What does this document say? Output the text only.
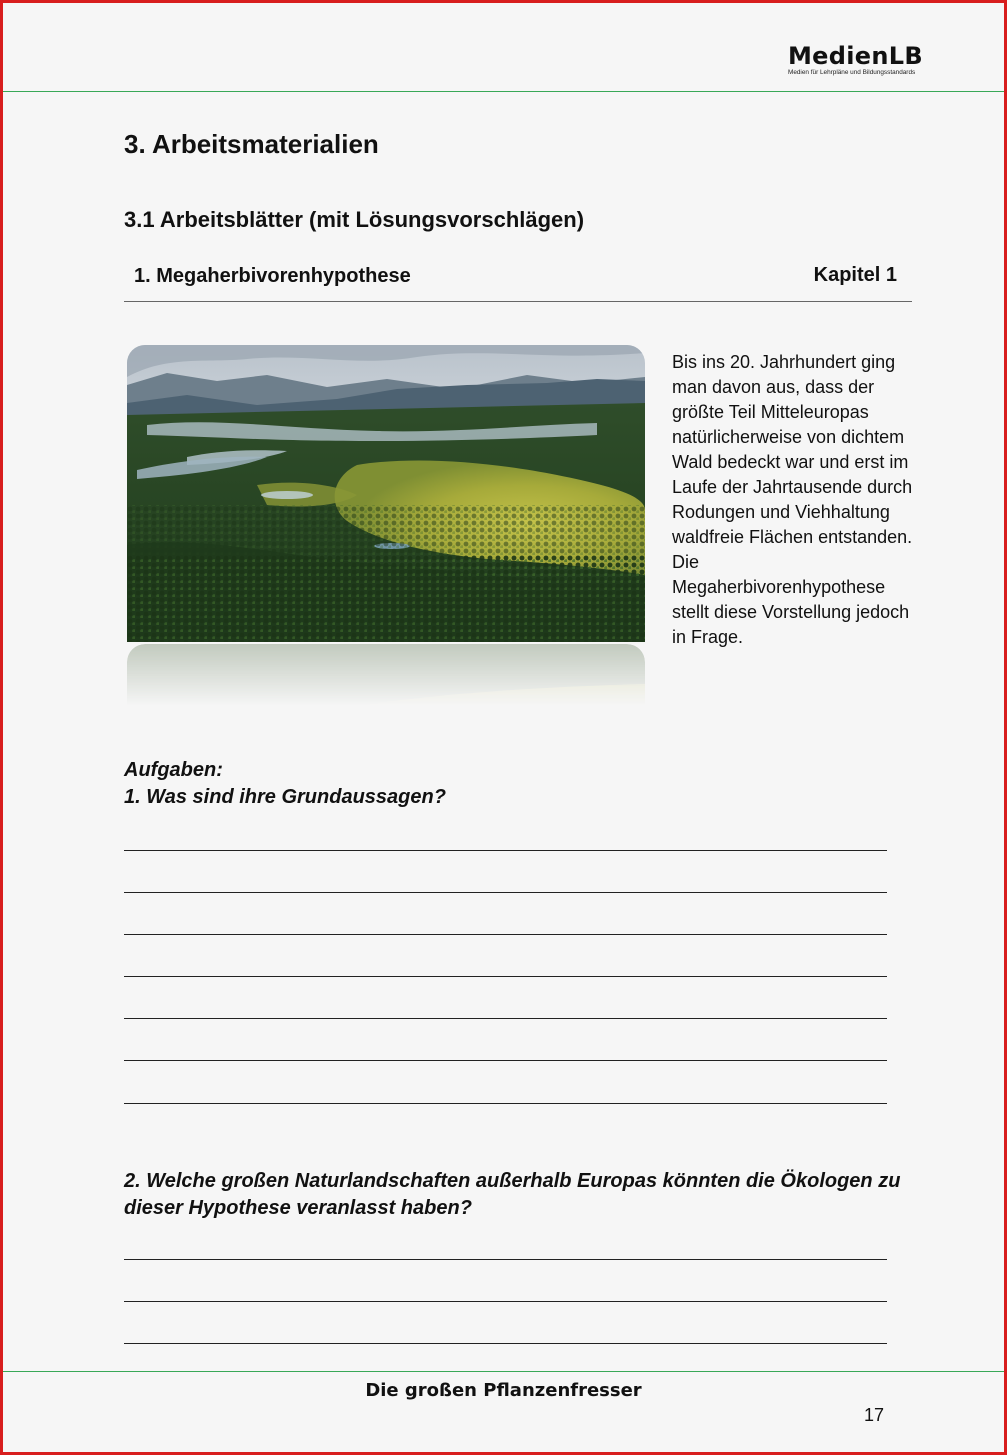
MedienLB
Medien für Lehrpläne und Bildungsstandards
3. Arbeitsmaterialien
3.1 Arbeitsblätter (mit Lösungsvorschlägen)
1. Megaherbivorenhypothese	Kapitel 1

Bis ins 20. Jahrhundert ging man davon aus, dass der größte Teil Mitteleuropas natürlicherweise von dichtem Wald bedeckt war und erst im Laufe der Jahrtausende durch Rodungen und Viehhaltung waldfreie Flächen entstanden. Die Megaherbivorenhypothese stellt diese Vorstellung jedoch in Frage.

Aufgaben:
1. Was sind ihre Grundaussagen?
2. Welche großen Naturlandschaften außerhalb Europas könnten die Ökologen zu dieser Hypothese veranlasst haben?
Die großen Pflanzenfresser
17
